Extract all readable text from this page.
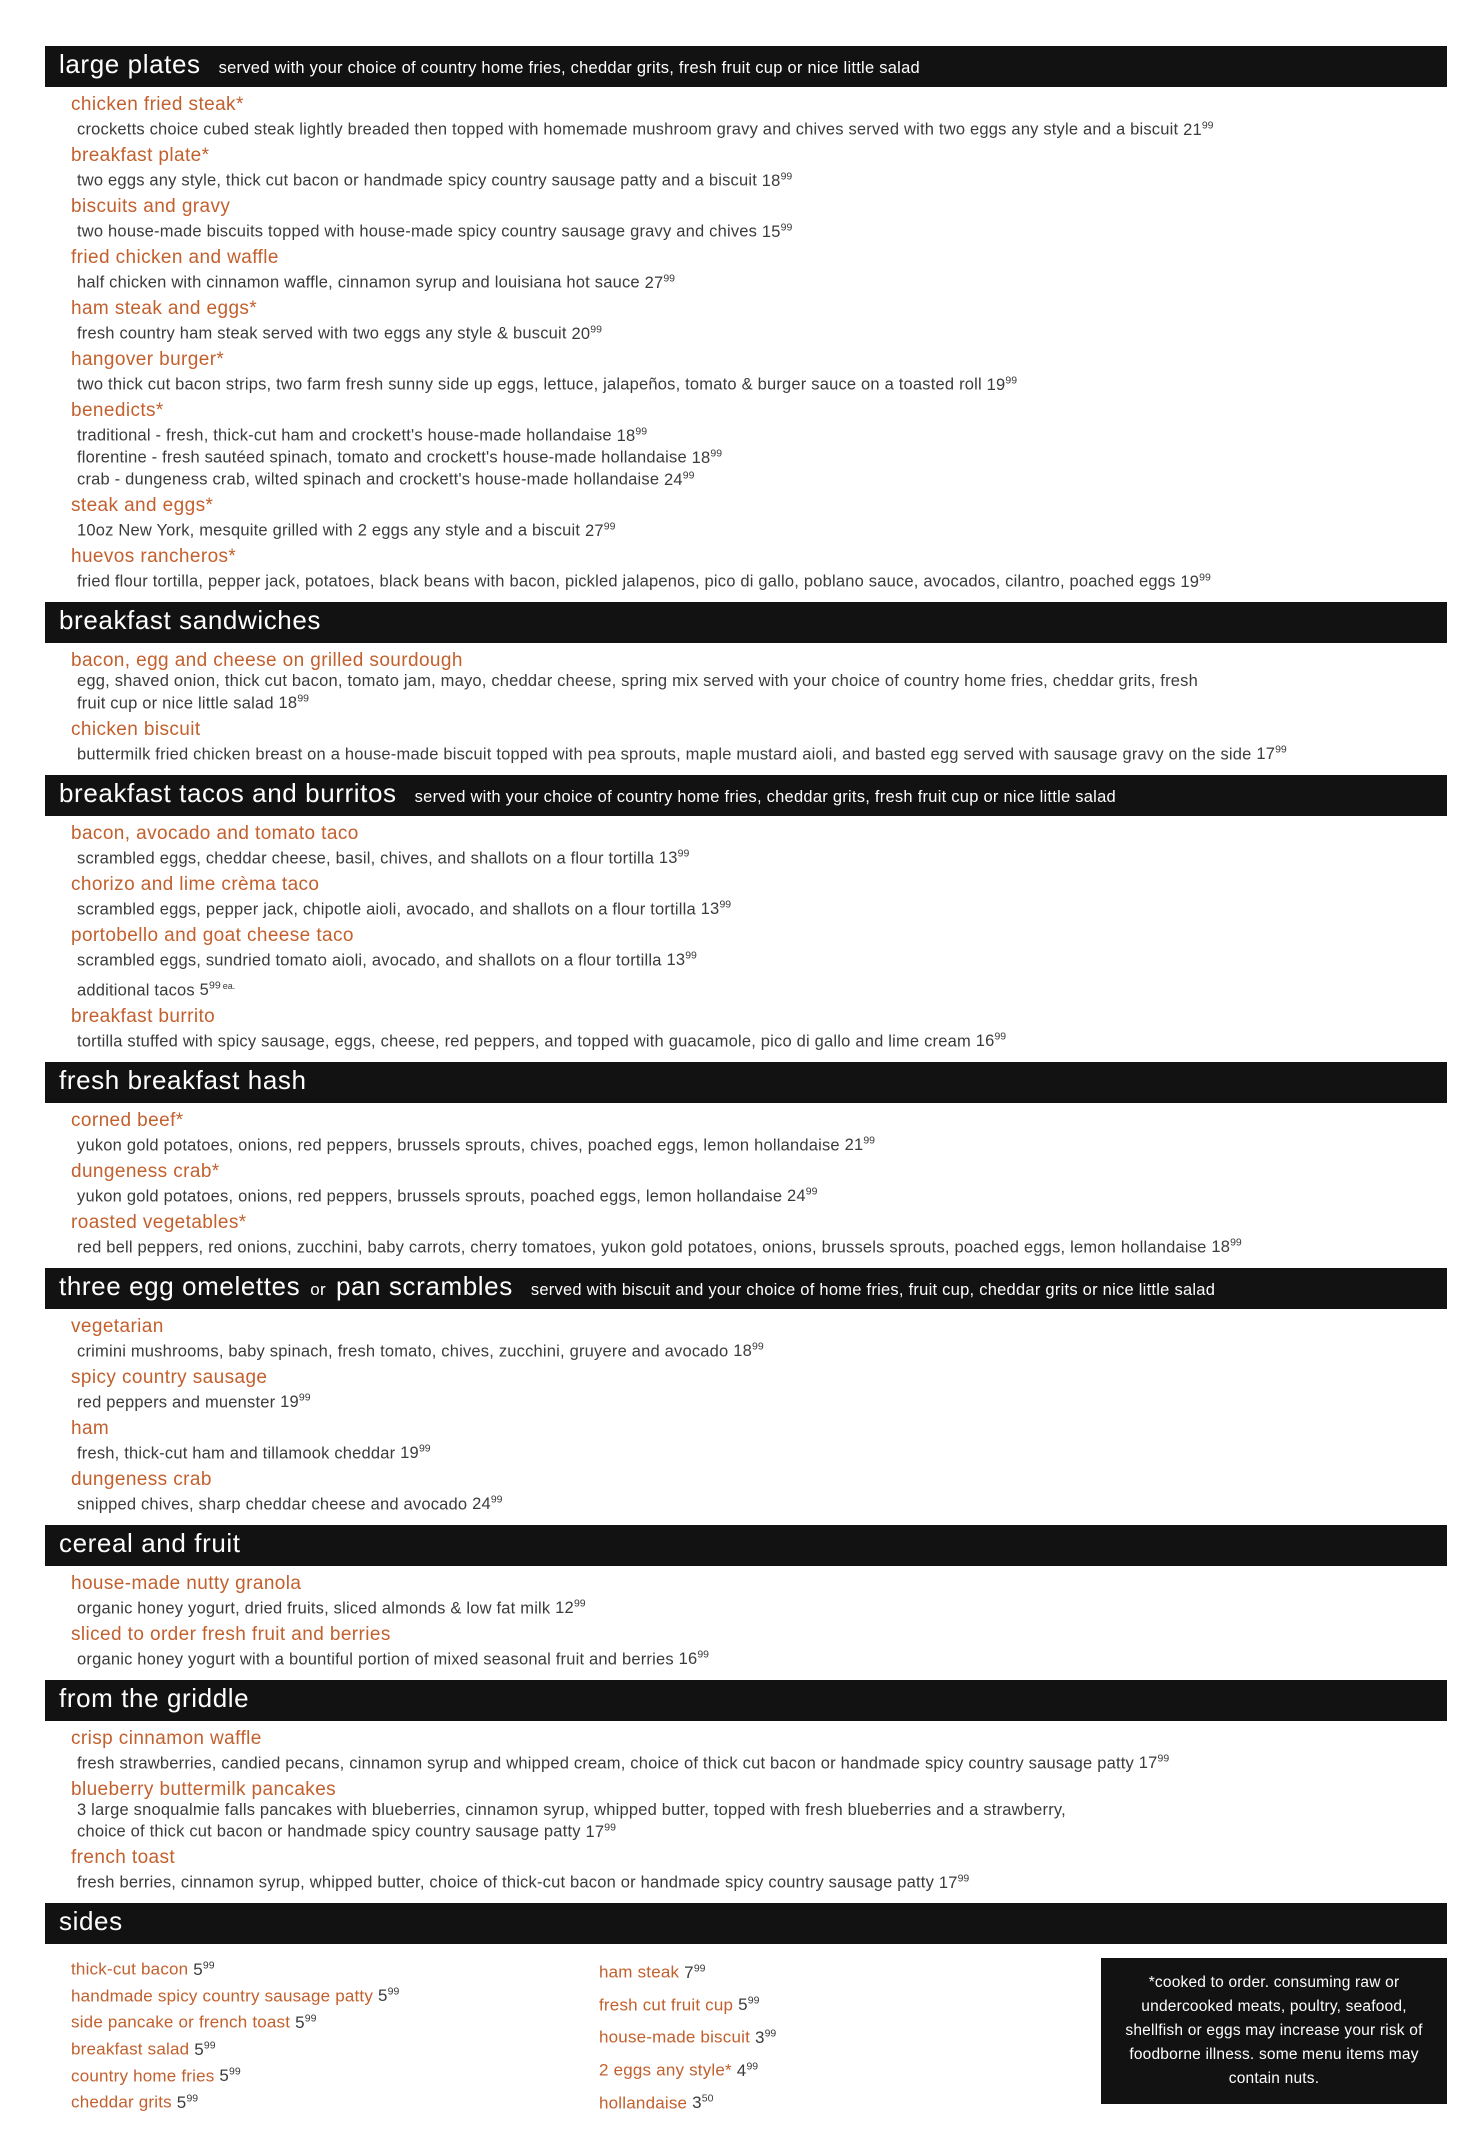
large plates served with your choice of country home fries, cheddar grits, fresh fruit cup or nice little salad
chicken fried steak*
crocketts choice cubed steak lightly breaded then topped with homemade mushroom gravy and chives served with two eggs any style and a biscuit $21^{99}$
breakfast plate*
two eggs any style, thick cut bacon or handmade spicy country sausage patty and a biscuit $18^{99}$
biscuits and gravy
two house-made biscuits topped with house-made spicy country sausage gravy and chives $15^{99}$
fried chicken and waffle
half chicken with cinnamon waffle, cinnamon syrup and louisiana hot sauce $27^{99}$
ham steak and eggs*
fresh country ham steak served with two eggs any style & buscuit $20^{99}$
hangover burger*
two thick cut bacon strips, two farm fresh sunny side up eggs, lettuce, jalapeños, tomato & burger sauce on a toasted roll $19^{99}$
benedicts*
traditional - fresh, thick-cut ham and crockett's house-made hollandaise $18^{99}$
florentine - fresh sautéed spinach, tomato and crockett's house-made hollandaise $18^{99}$
crab - dungeness crab, wilted spinach and crockett's house-made hollandaise $24^{99}$
steak and eggs*
10oz New York, mesquite grilled with 2 eggs any style and a biscuit $27^{99}$
huevos rancheros*
fried flour tortilla, pepper jack, potatoes, black beans with bacon, pickled jalapenos, pico di gallo, poblano sauce, avocados, cilantro, poached eggs $19^{99}$
breakfast sandwiches
bacon, egg and cheese on grilled sourdough
egg, shaved onion, thick cut bacon, tomato jam, mayo, cheddar cheese, spring mix served with your choice of country home fries, cheddar grits, fresh
fruit cup or nice little salad $18^{99}$
chicken biscuit
buttermilk fried chicken breast on a house-made biscuit topped with pea sprouts, maple mustard aioli, and basted egg served with sausage gravy on the side $17^{99}$
breakfast tacos and burritos served with your choice of country home fries, cheddar grits, fresh fruit cup or nice little salad
bacon, avocado and tomato taco
scrambled eggs, cheddar cheese, basil, chives, and shallots on a flour tortilla $13^{99}$
chorizo and lime crèma taco
scrambled eggs, pepper jack, chipotle aioli, avocado, and shallots on a flour tortilla $13^{99}$
portobello and goat cheese taco
scrambled eggs, sundried tomato aioli, avocado, and shallots on a flour tortilla $13^{99}$
additional tacos $5^{99}$ $^{ea.}$
breakfast burrito
tortilla stuffed with spicy sausage, eggs, cheese, red peppers, and topped with guacamole, pico di gallo and lime cream $16^{99}$
fresh breakfast hash
corned beef*
yukon gold potatoes, onions, red peppers, brussels sprouts, chives, poached eggs, lemon hollandaise $21^{99}$
dungeness crab*
yukon gold potatoes, onions, red peppers, brussels sprouts, poached eggs, lemon hollandaise $24^{99}$
roasted vegetables*
red bell peppers, red onions, zucchini, baby carrots, cherry tomatoes, yukon gold potatoes, onions, brussels sprouts, poached eggs, lemon hollandaise $18^{99}$
three egg omelettes or pan scrambles served with biscuit and your choice of home fries, fruit cup, cheddar grits or nice little salad
vegetarian
crimini mushrooms, baby spinach, fresh tomato, chives, zucchini, gruyere and avocado $18^{99}$
spicy country sausage
red peppers and muenster $19^{99}$
ham
fresh, thick-cut ham and tillamook cheddar $19^{99}$
dungeness crab
snipped chives, sharp cheddar cheese and avocado $24^{99}$
cereal and fruit
house-made nutty granola
organic honey yogurt, dried fruits, sliced almonds & low fat milk $12^{99}$
sliced to order fresh fruit and berries
organic honey yogurt with a bountiful portion of mixed seasonal fruit and berries $16^{99}$
from the griddle
crisp cinnamon waffle
fresh strawberries, candied pecans, cinnamon syrup and whipped cream, choice of thick cut bacon or handmade spicy country sausage patty $17^{99}$
blueberry buttermilk pancakes
3 large snoqualmie falls pancakes with blueberries, cinnamon syrup, whipped butter, topped with fresh blueberries and a strawberry,
choice of thick cut bacon or handmade spicy country sausage patty $17^{99}$
french toast
fresh berries, cinnamon syrup, whipped butter, choice of thick-cut bacon or handmade spicy country sausage patty $17^{99}$
sides
thick-cut bacon $5^{99}$
handmade spicy country sausage patty $5^{99}$
side pancake or french toast $5^{99}$
breakfast salad $5^{99}$
country home fries $5^{99}$
cheddar grits $5^{99}$
ham steak $7^{99}$
fresh cut fruit cup $5^{99}$
house-made biscuit $3^{99}$
2 eggs any style* $4^{99}$
hollandaise $3^{50}$
*cooked to order. consuming raw or undercooked meats, poultry, seafood, shellfish or eggs may increase your risk of foodborne illness. some menu items may contain nuts.
